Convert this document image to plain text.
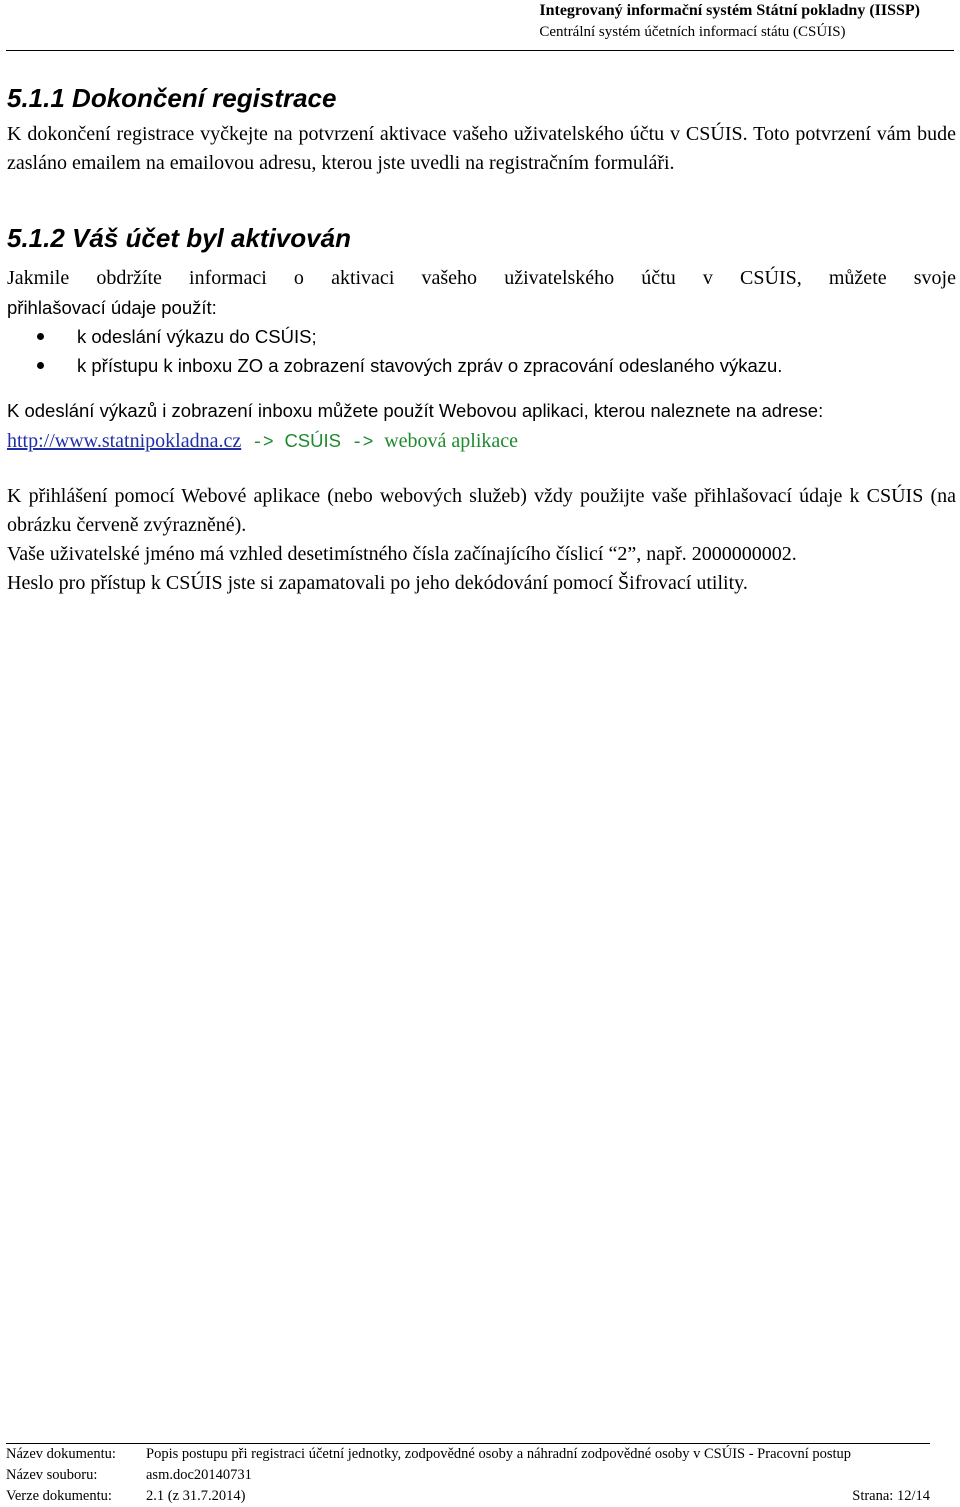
Integrovaný informační systém Státní pokladny (IISSP)
Centrální systém účetních informací státu (CSÚIS)
5.1.1 Dokončení registrace

K dokončení registrace vyčkejte na potvrzení aktivace vašeho uživatelského účtu v CSÚIS. Toto potvrzení vám bude zasláno emailem na emailovou adresu, kterou jste uvedli na registračním formuláři.

5.1.2 Váš účet byl aktivován

Jakmile obdržíte informaci o aktivaci vašeho uživatelského účtu v CSÚIS, můžete svoje

přihlašovací údaje použít:

k odeslání výkazu do CSÚIS;
k přístupu k inboxu ZO a zobrazení stavových zpráv o zpracování odeslaného výkazu.

K odeslání výkazů i zobrazení inboxu můžete použít Webovou aplikaci, kterou naleznete na adrese:
http://www.statnipokladna.cz -> CSÚIS -> webová aplikace

K přihlášení pomocí Webové aplikace (nebo webových služeb) vždy použijte vaše přihlašovací údaje k CSÚIS (na obrázku červeně zvýrazněné).

Vaše uživatelské jméno má vzhled desetimístného čísla začínajícího číslicí “2”, např. 2000000002.

Heslo pro přístup k CSÚIS jste si zapamatovali po jeho dekódování pomocí Šifrovací utility.

Název dokumentu: Popis postupu při registraci účetní jednotky, zodpovědné osoby a náhradní zodpovědné osoby v CSÚIS - Pracovní postup
Název souboru:	asm.doc20140731
Verze dokumentu: 2.1 (z 31.7.2014)	Strana: 12/14
